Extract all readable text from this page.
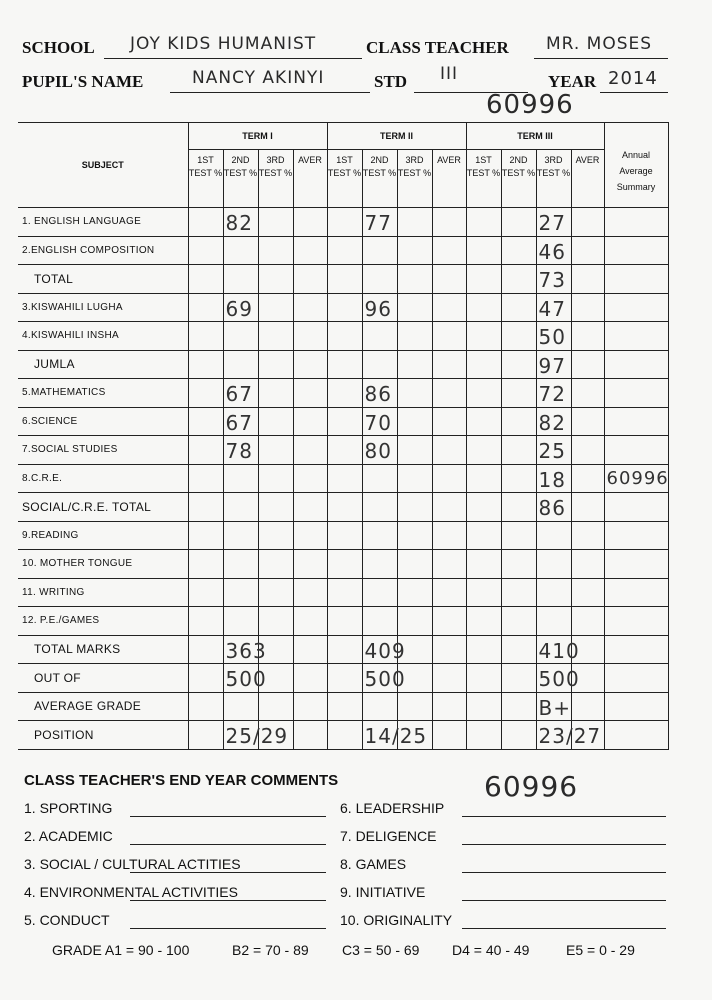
SCHOOL JOY KIDS HUMANIST	CLASS TEACHER MR. MOSES
PUPIL'S NAME	NANCY AKINYI	STD III	YEAR 2014
60996
SUBJECT	TERM I				TERM II				TERM III				Annual Average Summary
	1ST TEST %	2ND TEST %	3RD TEST %	AVER	1ST TEST %	2ND TEST %	3RD TEST %	AVER	1ST TEST %	2ND TEST %	3RD TEST %	AVER	

1. ENGLISH LANGUAGE		82				77					27		

2.ENGLISH COMPOSITION											46		

TOTAL											73		

3.KISWAHILI LUGHA		69				96					47		

4.KISWAHILI INSHA											50		

JUMLA											97		

5.MATHEMATICS		67				86					72		

6.SCIENCE		67				70					82		

7.SOCIAL STUDIES		78				80					25		

8.C.R.E.											18		60996

SOCIAL/C.R.E. TOTAL											86		

9.READING													

10. MOTHER TONGUE													

11. WRITING													

12. P.E./GAMES													

TOTAL MARKS		363				409					410		

OUT OF		500				500					500		

AVERAGE GRADE											B+		

POSITION		25/29				14/25					23/27		

CLASS TEACHER'S END YEAR COMMENTS	60996
1. SPORTING
2. ACADEMIC
3. SOCIAL / CULTURAL ACTITIES
4. ENVIRONMENTAL ACTIVITIES
5. CONDUCT
6. LEADERSHIP
7. DELIGENCE
8. GAMES
9. INITIATIVE
10. ORIGINALITY
GRADE A1 = 90 - 100	B2 = 70 - 89 C3 = 50 - 69 D4 = 40 - 49	E5 = 0 - 29
